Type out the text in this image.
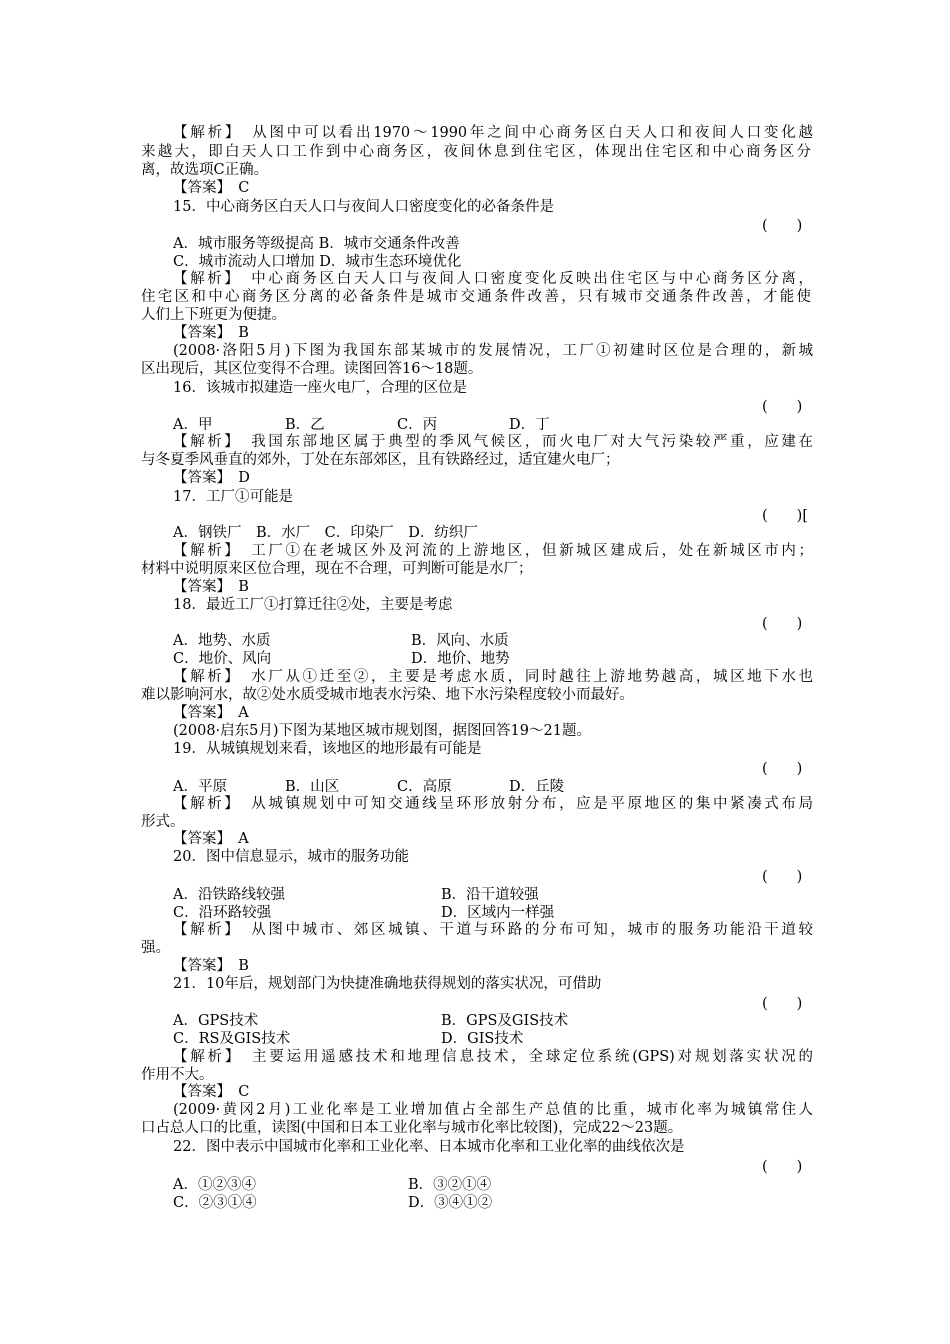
【解析】　从图中可以看出1970～1990年之间中心商务区白天人口和夜间人口变化越
来越大，即白天人口工作到中心商务区，夜间休息到住宅区，体现出住宅区和中心商务区分
离，故选项C正确。
【答案】　C
15．中心商务区白天人口与夜间人口密度变化的必备条件是
(　　)
A．城市服务等级提高 B．城市交通条件改善
C．城市流动人口增加 D．城市生态环境优化
【解析】　中心商务区白天人口与夜间人口密度变化反映出住宅区与中心商务区分离，
住宅区和中心商务区分离的必备条件是城市交通条件改善，只有城市交通条件改善，才能使
人们上下班更为便捷。
【答案】　B
(2008·洛阳5月)下图为我国东部某城市的发展情况，工厂①初建时区位是合理的，新城
区出现后，其区位变得不合理。读图回答16～18题。
16．该城市拟建造一座火电厂，合理的区位是
(　　)
A．甲	B．乙	C．丙	D．丁
【解析】　我国东部地区属于典型的季风气候区，而火电厂对大气污染较严重，应建在
与冬夏季风垂直的郊外，丁处在东部郊区，且有铁路经过，适宜建火电厂；
【答案】　D
17．工厂①可能是
(　　)[
A．钢铁厂　B．水厂　C．印染厂　D．纺织厂
【解析】　工厂①在老城区外及河流的上游地区，但新城区建成后，处在新城区市内；
材料中说明原来区位合理，现在不合理，可判断可能是水厂；
【答案】　B
18．最近工厂①打算迁往②处，主要是考虑
(　　)
A．地势、水质	B．风向、水质
C．地价、风向	D．地价、地势
【解析】　水厂从①迁至②，主要是考虑水质，同时越往上游地势越高，城区地下水也
难以影响河水，故②处水质受城市地表水污染、地下水污染程度较小而最好。
【答案】　A
(2008·启东5月)下图为某地区城市规划图，据图回答19～21题。
19．从城镇规划来看，该地区的地形最有可能是
(　　)
A．平原	B．山区	C．高原	D．丘陵
【解析】　从城镇规划中可知交通线呈环形放射分布，应是平原地区的集中紧凑式布局
形式。
【答案】　A
20．图中信息显示，城市的服务功能
(　　)
A．沿铁路线较强	B．沿干道较强
C．沿环路较强	D．区域内一样强
【解析】　从图中城市、郊区城镇、干道与环路的分布可知，城市的服务功能沿干道较
强。
【答案】　B
21．10年后，规划部门为快捷准确地获得规划的落实状况，可借助
(　　)
A．GPS技术	B．GPS及GIS技术
C．RS及GIS技术	D．GIS技术
【解析】　主要运用遥感技术和地理信息技术，全球定位系统(GPS)对规划落实状况的
作用不大。
【答案】　C
(2009·黄冈2月)工业化率是工业增加值占全部生产总值的比重，城市化率为城镇常住人
口占总人口的比重，读图(中国和日本工业化率与城市化率比较图)，完成22～23题。
22．图中表示中国城市化率和工业化率、日本城市化率和工业化率的曲线依次是
(　　)
A．①②③④	B．③②①④
C．②③①④	D．③④①②
